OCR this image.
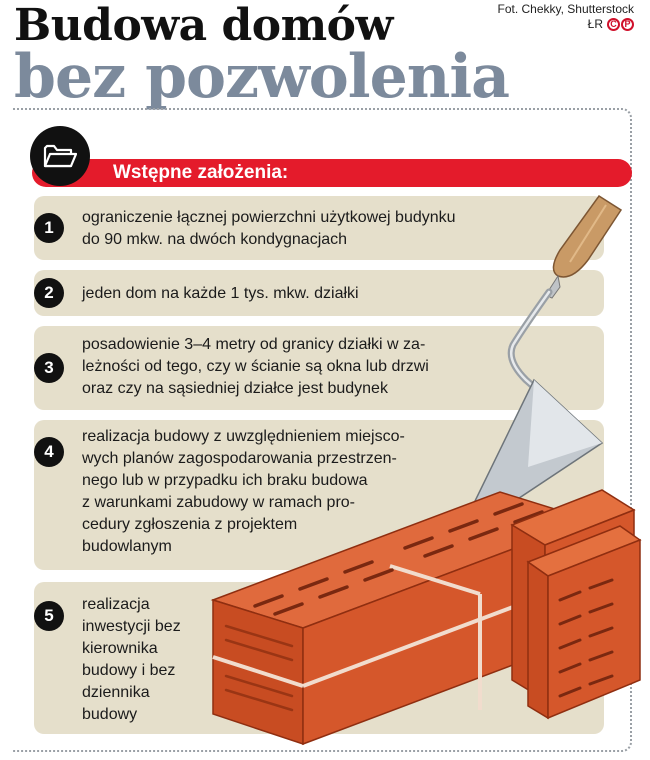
Budowa domów
bez pozwolenia
Fot. Chekky, Shutterstock
ŁR C P
Wstępne założenia:
1
2
3
4
5
ograniczenie łącznej powierzchni użytkowej budynku
do 90 mkw. na dwóch kondygnacjach
jeden dom na każde 1 tys. mkw. działki
posadowienie 3–4 metry od granicy działki w za-
leżności od tego, czy w ścianie są okna lub drzwi
oraz czy na sąsiedniej działce jest budynek
realizacja budowy z uwzględnieniem miejsco-
wych planów zagospodarowania przestrzen-
nego lub w przypadku ich braku budowa
z warunkami zabudowy w ramach pro-
cedury zgłoszenia z projektem
budowlanym
realizacja
inwestycji bez
kierownika
budowy i bez
dziennika
budowy
